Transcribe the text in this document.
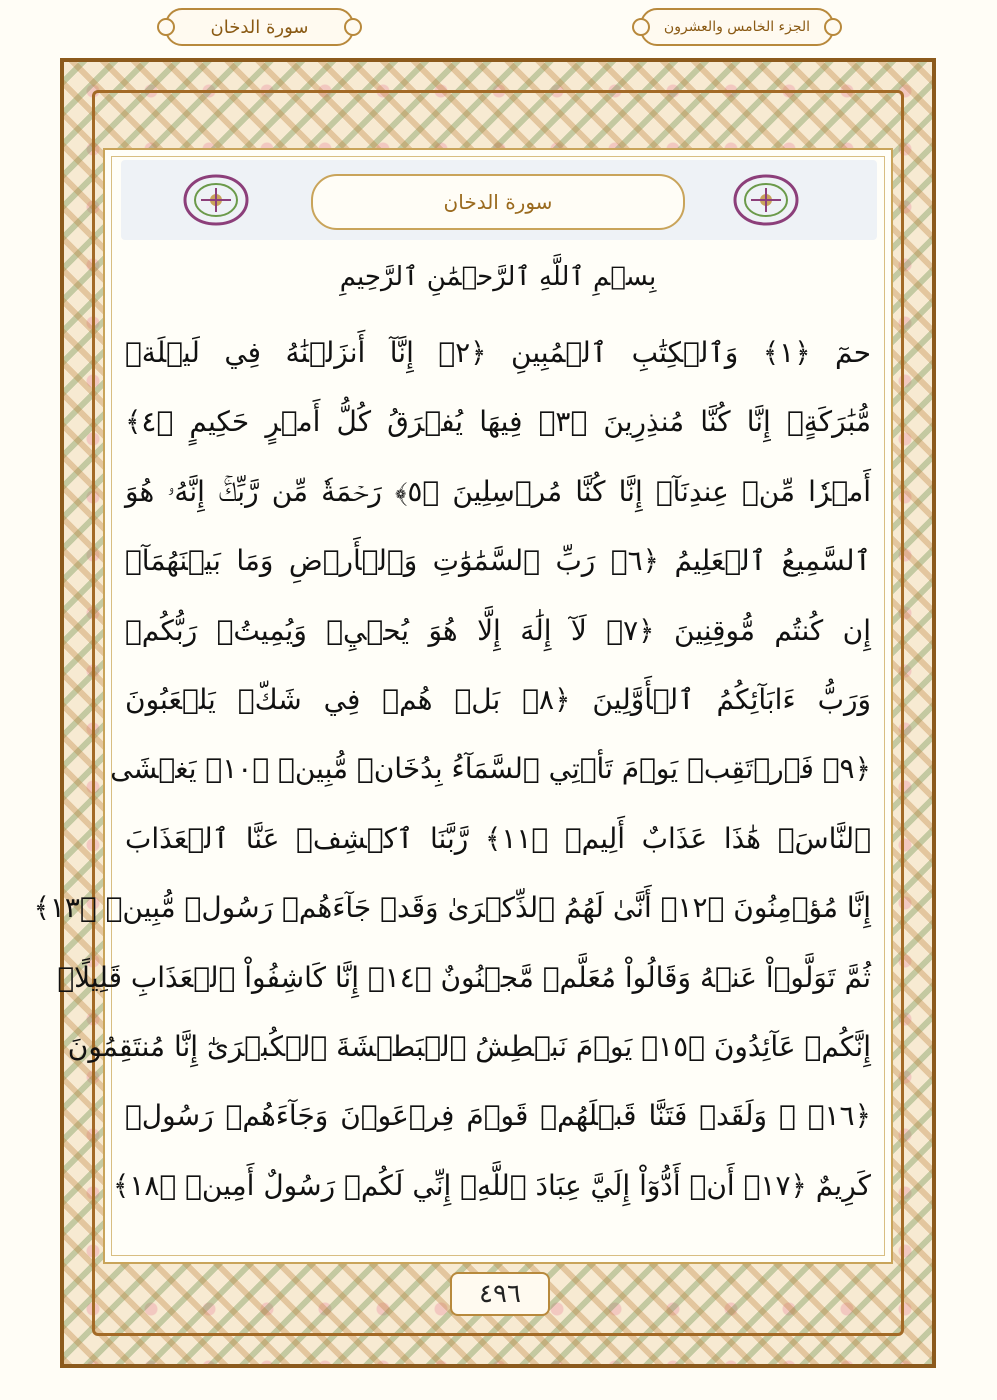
سورة الدخان	الجزء الخامس والعشرون
سورة الدخان
بِسۡمِ ٱللَّهِ ٱلرَّحۡمَٰنِ ٱلرَّحِيمِ
حمٓ ﴿١﴾ وَٱلۡكِتَٰبِ ٱلۡمُبِينِ ﴿٢﴾ إِنَّآ أَنزَلۡنَٰهُ فِي لَيۡلَةٖ
مُّبَٰرَكَةٍۚ إِنَّا كُنَّا مُنذِرِينَ ﴿٣﴾ فِيهَا يُفۡرَقُ كُلُّ أَمۡرٍ حَكِيمٍ ﴿٤﴾
أَمۡرٗا مِّنۡ عِندِنَآۚ إِنَّا كُنَّا مُرۡسِلِينَ ﴿٥﴾ رَحۡمَةٗ مِّن رَّبِّكَۚ إِنَّهُۥ هُوَ
ٱلسَّمِيعُ ٱلۡعَلِيمُ ﴿٦﴾ رَبِّ ٱلسَّمَٰوَٰتِ وَٱلۡأَرۡضِ وَمَا بَيۡنَهُمَآۖ
إِن كُنتُم مُّوقِنِينَ ﴿٧﴾ لَآ إِلَٰهَ إِلَّا هُوَ يُحۡيِۦ وَيُمِيتُۖ رَبُّكُمۡ
وَرَبُّ ءَابَآئِكُمُ ٱلۡأَوَّلِينَ ﴿٨﴾ بَلۡ هُمۡ فِي شَكّٖ يَلۡعَبُونَ
﴿٩﴾ فَٱرۡتَقِبۡ يَوۡمَ تَأۡتِي ٱلسَّمَآءُ بِدُخَانٖ مُّبِينٖ ﴿١٠﴾ يَغۡشَى
ٱلنَّاسَۖ هَٰذَا عَذَابٌ أَلِيمٞ ﴿١١﴾ رَّبَّنَا ٱكۡشِفۡ عَنَّا ٱلۡعَذَابَ
إِنَّا مُؤۡمِنُونَ ﴿١٢﴾ أَنَّىٰ لَهُمُ ٱلذِّكۡرَىٰ وَقَدۡ جَآءَهُمۡ رَسُولٞ مُّبِينٞ ﴿١٣﴾
ثُمَّ تَوَلَّوۡاْ عَنۡهُ وَقَالُواْ مُعَلَّمٞ مَّجۡنُونٌ ﴿١٤﴾ إِنَّا كَاشِفُواْ ٱلۡعَذَابِ قَلِيلًاۚ
إِنَّكُمۡ عَآئِدُونَ ﴿١٥﴾ يَوۡمَ نَبۡطِشُ ٱلۡبَطۡشَةَ ٱلۡكُبۡرَىٰٓ إِنَّا مُنتَقِمُونَ
﴿١٦﴾ ۞ وَلَقَدۡ فَتَنَّا قَبۡلَهُمۡ قَوۡمَ فِرۡعَوۡنَ وَجَآءَهُمۡ رَسُولٞ
كَرِيمٌ ﴿١٧﴾ أَنۡ أَدُّوٓاْ إِلَيَّ عِبَادَ ٱللَّهِۖ إِنِّي لَكُمۡ رَسُولٌ أَمِينٞ ﴿١٨﴾
٤٩٦
